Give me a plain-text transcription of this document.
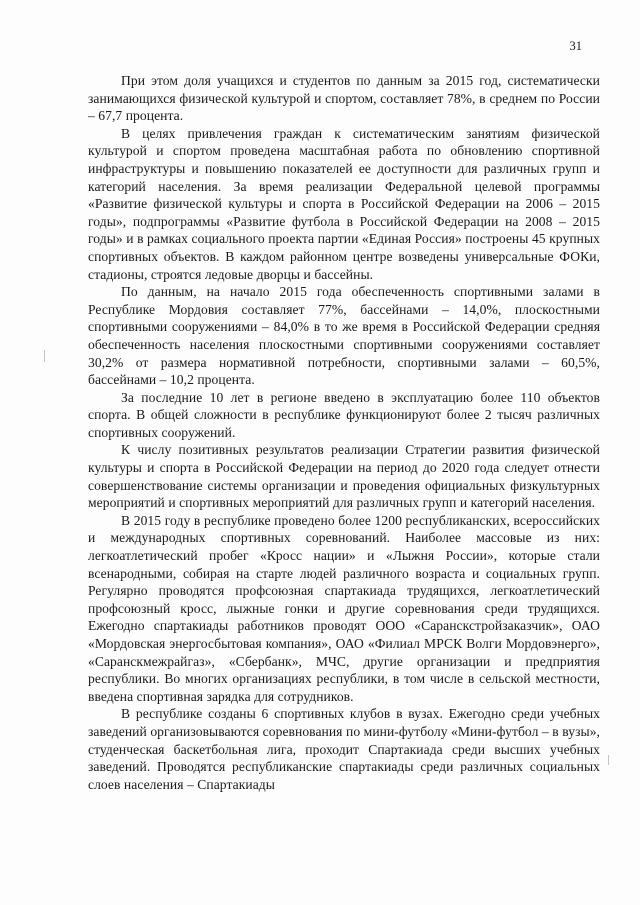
31

При этом доля учащихся и студентов по данным за 2015 год, систематически занимающихся физической культурой и спортом, составляет 78%, в среднем по России – 67,7 процента.

В целях привлечения граждан к систематическим занятиям физической культурой и спортом проведена масштабная работа по обновлению спортивной инфраструктуры и повышению показателей ее доступности для различных групп и категорий населения. За время реализации Федеральной целевой программы «Развитие физической культуры и спорта в Российской Федерации на 2006 – 2015 годы», подпрограммы «Развитие футбола в Российской Федерации на 2008 – 2015 годы» и в рамках социального проекта партии «Единая Россия» построены 45 крупных спортивных объектов. В каждом районном центре возведены универсальные ФОКи, стадионы, строятся ледовые дворцы и бассейны.

По данным, на начало 2015 года обеспеченность спортивными залами в Республике Мордовия составляет 77%, бассейнами – 14,0%, плоскостными спортивными сооружениями – 84,0% в то же время в Российской Федерации средняя обеспеченность населения плоскостными спортивными сооружениями составляет 30,2% от размера нормативной потребности, спортивными залами – 60,5%, бассейнами – 10,2 процента.

За последние 10 лет в регионе введено в эксплуатацию более 110 объектов спорта. В общей сложности в республике функционируют более 2 тысяч различных спортивных сооружений.

К числу позитивных результатов реализации Стратегии развития физической культуры и спорта в Российской Федерации на период до 2020 года следует отнести совершенствование системы организации и проведения официальных физкультурных мероприятий и спортивных мероприятий для различных групп и категорий населения.

В 2015 году в республике проведено более 1200 республиканских, всероссийских и международных спортивных соревнований. Наиболее массовые из них: легкоатлетический пробег «Кросс нации» и «Лыжня России», которые стали всенародными, собирая на старте людей различного возраста и социальных групп. Регулярно проводятся профсоюзная спартакиада трудящихся, легкоатлетический профсоюзный кросс, лыжные гонки и другие соревнования среди трудящихся. Ежегодно спартакиады работников проводят ООО «Саранскстройзаказчик», ОАО «Мордовская энергосбытовая компания», ОАО «Филиал МРСК Волги Мордовэнерго», «Саранскмежрайгаз», «Сбербанк», МЧС, другие организации и предприятия республики. Во многих организациях республики, в том числе в сельской местности, введена спортивная зарядка для сотрудников.

В республике созданы 6 спортивных клубов в вузах. Ежегодно среди учебных заведений организовываются соревнования по мини-футболу «Мини-футбол – в вузы», студенческая баскетбольная лига, проходит Спартакиада среди высших учебных заведений. Проводятся республиканские спартакиады среди различных социальных слоев населения – Спартакиады
